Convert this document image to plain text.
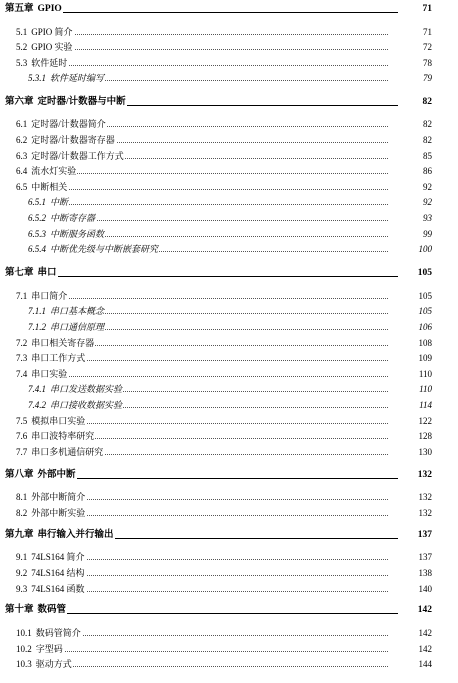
第五章 GPIO	71
5.1 GPIO 简介	71
5.2 GPIO 实验	72
5.3 软件延时	78
5.3.1 软件延时编写	79
第六章 定时器/计数器与中断	82
6.1 定时器/计数器简介	82
6.2 定时器/计数器寄存器	82
6.3 定时器/计数器工作方式	85
6.4 流水灯实验	86
6.5 中断相关	92
6.5.1 中断	92
6.5.2 中断寄存器	93
6.5.3 中断服务函数	99
6.5.4 中断优先级与中断嵌套研究	100
第七章 串口	105
7.1 串口简介	105
7.1.1 串口基本概念	105
7.1.2 串口通信原理	106
7.2 串口相关寄存器	108
7.3 串口工作方式	109
7.4 串口实验	110
7.4.1 串口发送数据实验	110
7.4.2 串口接收数据实验	114
7.5 模拟串口实验	122
7.6 串口波特率研究	128
7.7 串口多机通信研究	130
第八章 外部中断	132
8.1 外部中断简介	132
8.2 外部中断实验	132
第九章 串行输入并行输出	137
9.1 74LS164 简介	137
9.2 74LS164 结构	138
9.3 74LS164 函数	140
第十章 数码管	142
10.1 数码管简介	142
10.2 字型码	142
10.3 驱动方式	144
